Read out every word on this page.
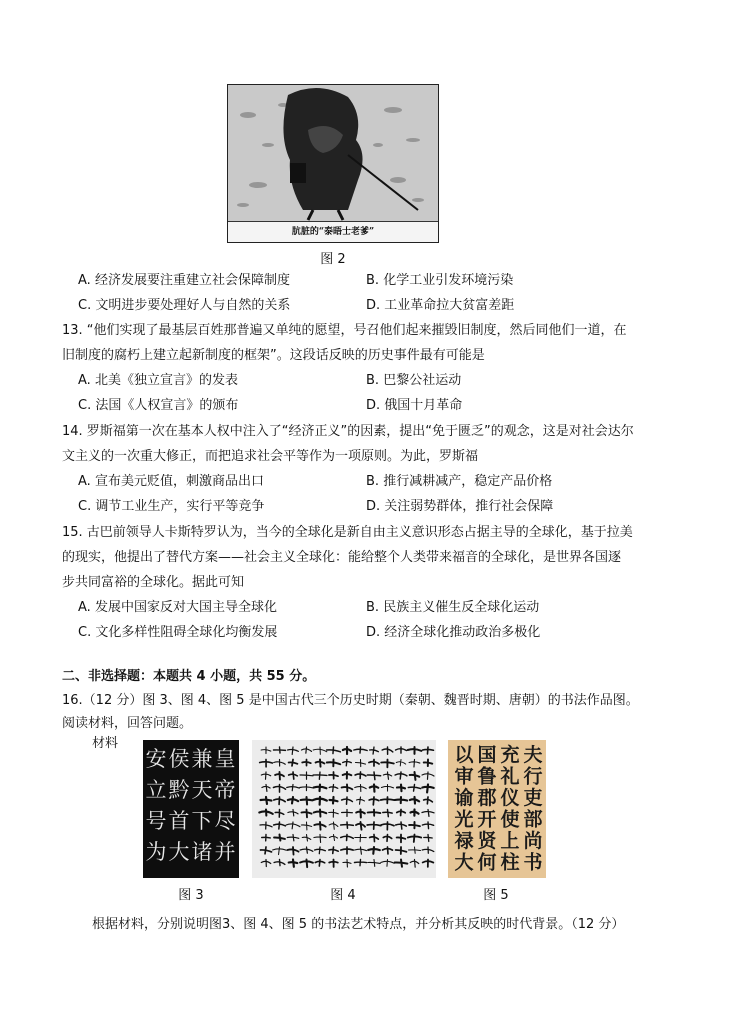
肮脏的“泰晤士老爹”
图 2
A. 经济发展要注重建立社会保障制度	B. 化学工业引发环境污染
C. 文明进步要处理好人与自然的关系	D. 工业革命拉大贫富差距
13. “他们实现了最基层百姓那普遍又单纯的愿望，号召他们起来摧毁旧制度，然后同他们一道，在
旧制度的腐朽上建立起新制度的框架”。这段话反映的历史事件最有可能是
A. 北美《独立宣言》的发表	B. 巴黎公社运动
C. 法国《人权宣言》的颁布	D. 俄国十月革命
14. 罗斯福第一次在基本人权中注入了“经济正义”的因素，提出“免于匮乏”的观念，这是对社会达尔
文主义的一次重大修正，而把追求社会平等作为一项原则。为此，罗斯福
A. 宣布美元贬值，刺激商品出口	B. 推行减耕减产，稳定产品价格
C. 调节工业生产，实行平等竞争	D. 关注弱势群体，推行社会保障
15. 古巴前领导人卡斯特罗认为，当今的全球化是新自由主义意识形态占据主导的全球化，基于拉美
的现实，他提出了替代方案——社会主义全球化：能给整个人类带来福音的全球化，是世界各国逐
步共同富裕的全球化。据此可知
A. 发展中国家反对大国主导全球化	B. 民族主义催生反全球化运动
C. 文化多样性阻碍全球化均衡发展	D. 经济全球化推动政治多极化
二、非选择题：本题共 4 小题，共 55 分。
16.（12 分）图 3、图 4、图 5 是中国古代三个历史时期（秦朝、魏晋时期、唐朝）的书法作品图。
阅读材料，回答问题。
材料
皇
帝
尽
并
兼
天
下
诸
侯
黔
首
大
安
立
号
为
图 3	图 4
夫
行
吏
部
尚
书
充
礼
仪
使
上
柱
国
鲁
郡
开
贤
何
以
审
谕
光
禄
大
图 5
根据材料，分别说明图3、图 4、图 5 的书法艺术特点，并分析其反映的时代背景。（12 分）
